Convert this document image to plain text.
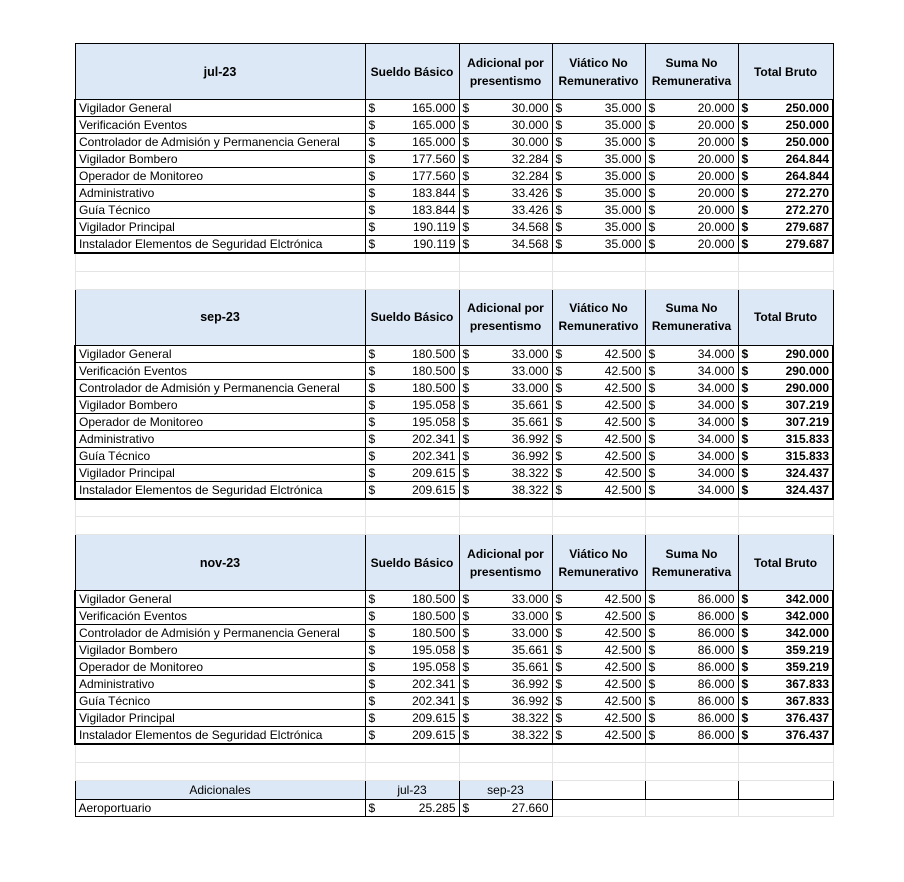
jul-23	Sueldo Básico	Adicional por presentismo	Viático No Remunerativo	Suma No Remunerativa	Total Bruto
Vigilador General	$ 165.000	$ 30.000	$ 35.000	$ 20.000	$ 250.000

Verificación Eventos	$ 165.000	$ 30.000	$ 35.000	$ 20.000	$ 250.000

Controlador de Admisión y Permanencia General	$ 165.000	$ 30.000	$ 35.000	$ 20.000	$ 250.000

Vigilador Bombero	$ 177.560	$ 32.284	$ 35.000	$ 20.000	$ 264.844

Operador de Monitoreo	$ 177.560	$ 32.284	$ 35.000	$ 20.000	$ 264.844

Administrativo	$ 183.844	$ 33.426	$ 35.000	$ 20.000	$ 272.270

Guía Técnico	$ 183.844	$ 33.426	$ 35.000	$ 20.000	$ 272.270

Vigilador Principal	$ 190.119	$ 34.568	$ 35.000	$ 20.000	$ 279.687

Instalador Elementos de Seguridad Elctrónica	$ 190.119	$ 34.568	$ 35.000	$ 20.000	$ 279.687

sep-23	Sueldo Básico	Adicional por presentismo	Viático No Remunerativo	Suma No Remunerativa	Total Bruto
Vigilador General	$ 180.500	$ 33.000	$ 42.500	$ 34.000	$ 290.000

Verificación Eventos	$ 180.500	$ 33.000	$ 42.500	$ 34.000	$ 290.000

Controlador de Admisión y Permanencia General	$ 180.500	$ 33.000	$ 42.500	$ 34.000	$ 290.000

Vigilador Bombero	$ 195.058	$ 35.661	$ 42.500	$ 34.000	$ 307.219

Operador de Monitoreo	$ 195.058	$ 35.661	$ 42.500	$ 34.000	$ 307.219

Administrativo	$ 202.341	$ 36.992	$ 42.500	$ 34.000	$ 315.833

Guía Técnico	$ 202.341	$ 36.992	$ 42.500	$ 34.000	$ 315.833

Vigilador Principal	$ 209.615	$ 38.322	$ 42.500	$ 34.000	$ 324.437

Instalador Elementos de Seguridad Elctrónica	$ 209.615	$ 38.322	$ 42.500	$ 34.000	$ 324.437

nov-23	Sueldo Básico	Adicional por presentismo	Viático No Remunerativo	Suma No Remunerativa	Total Bruto
Vigilador General	$ 180.500	$ 33.000	$ 42.500	$ 86.000	$ 342.000

Verificación Eventos	$ 180.500	$ 33.000	$ 42.500	$ 86.000	$ 342.000

Controlador de Admisión y Permanencia General	$ 180.500	$ 33.000	$ 42.500	$ 86.000	$ 342.000

Vigilador Bombero	$ 195.058	$ 35.661	$ 42.500	$ 86.000	$ 359.219

Operador de Monitoreo	$ 195.058	$ 35.661	$ 42.500	$ 86.000	$ 359.219

Administrativo	$ 202.341	$ 36.992	$ 42.500	$ 86.000	$ 367.833

Guía Técnico	$ 202.341	$ 36.992	$ 42.500	$ 86.000	$ 367.833

Vigilador Principal	$ 209.615	$ 38.322	$ 42.500	$ 86.000	$ 376.437

Instalador Elementos de Seguridad Elctrónica	$ 209.615	$ 38.322	$ 42.500	$ 86.000	$ 376.437

Adicionales	jul-23	sep-23			
Aeroportuario	$ 25.285	$ 27.660			
